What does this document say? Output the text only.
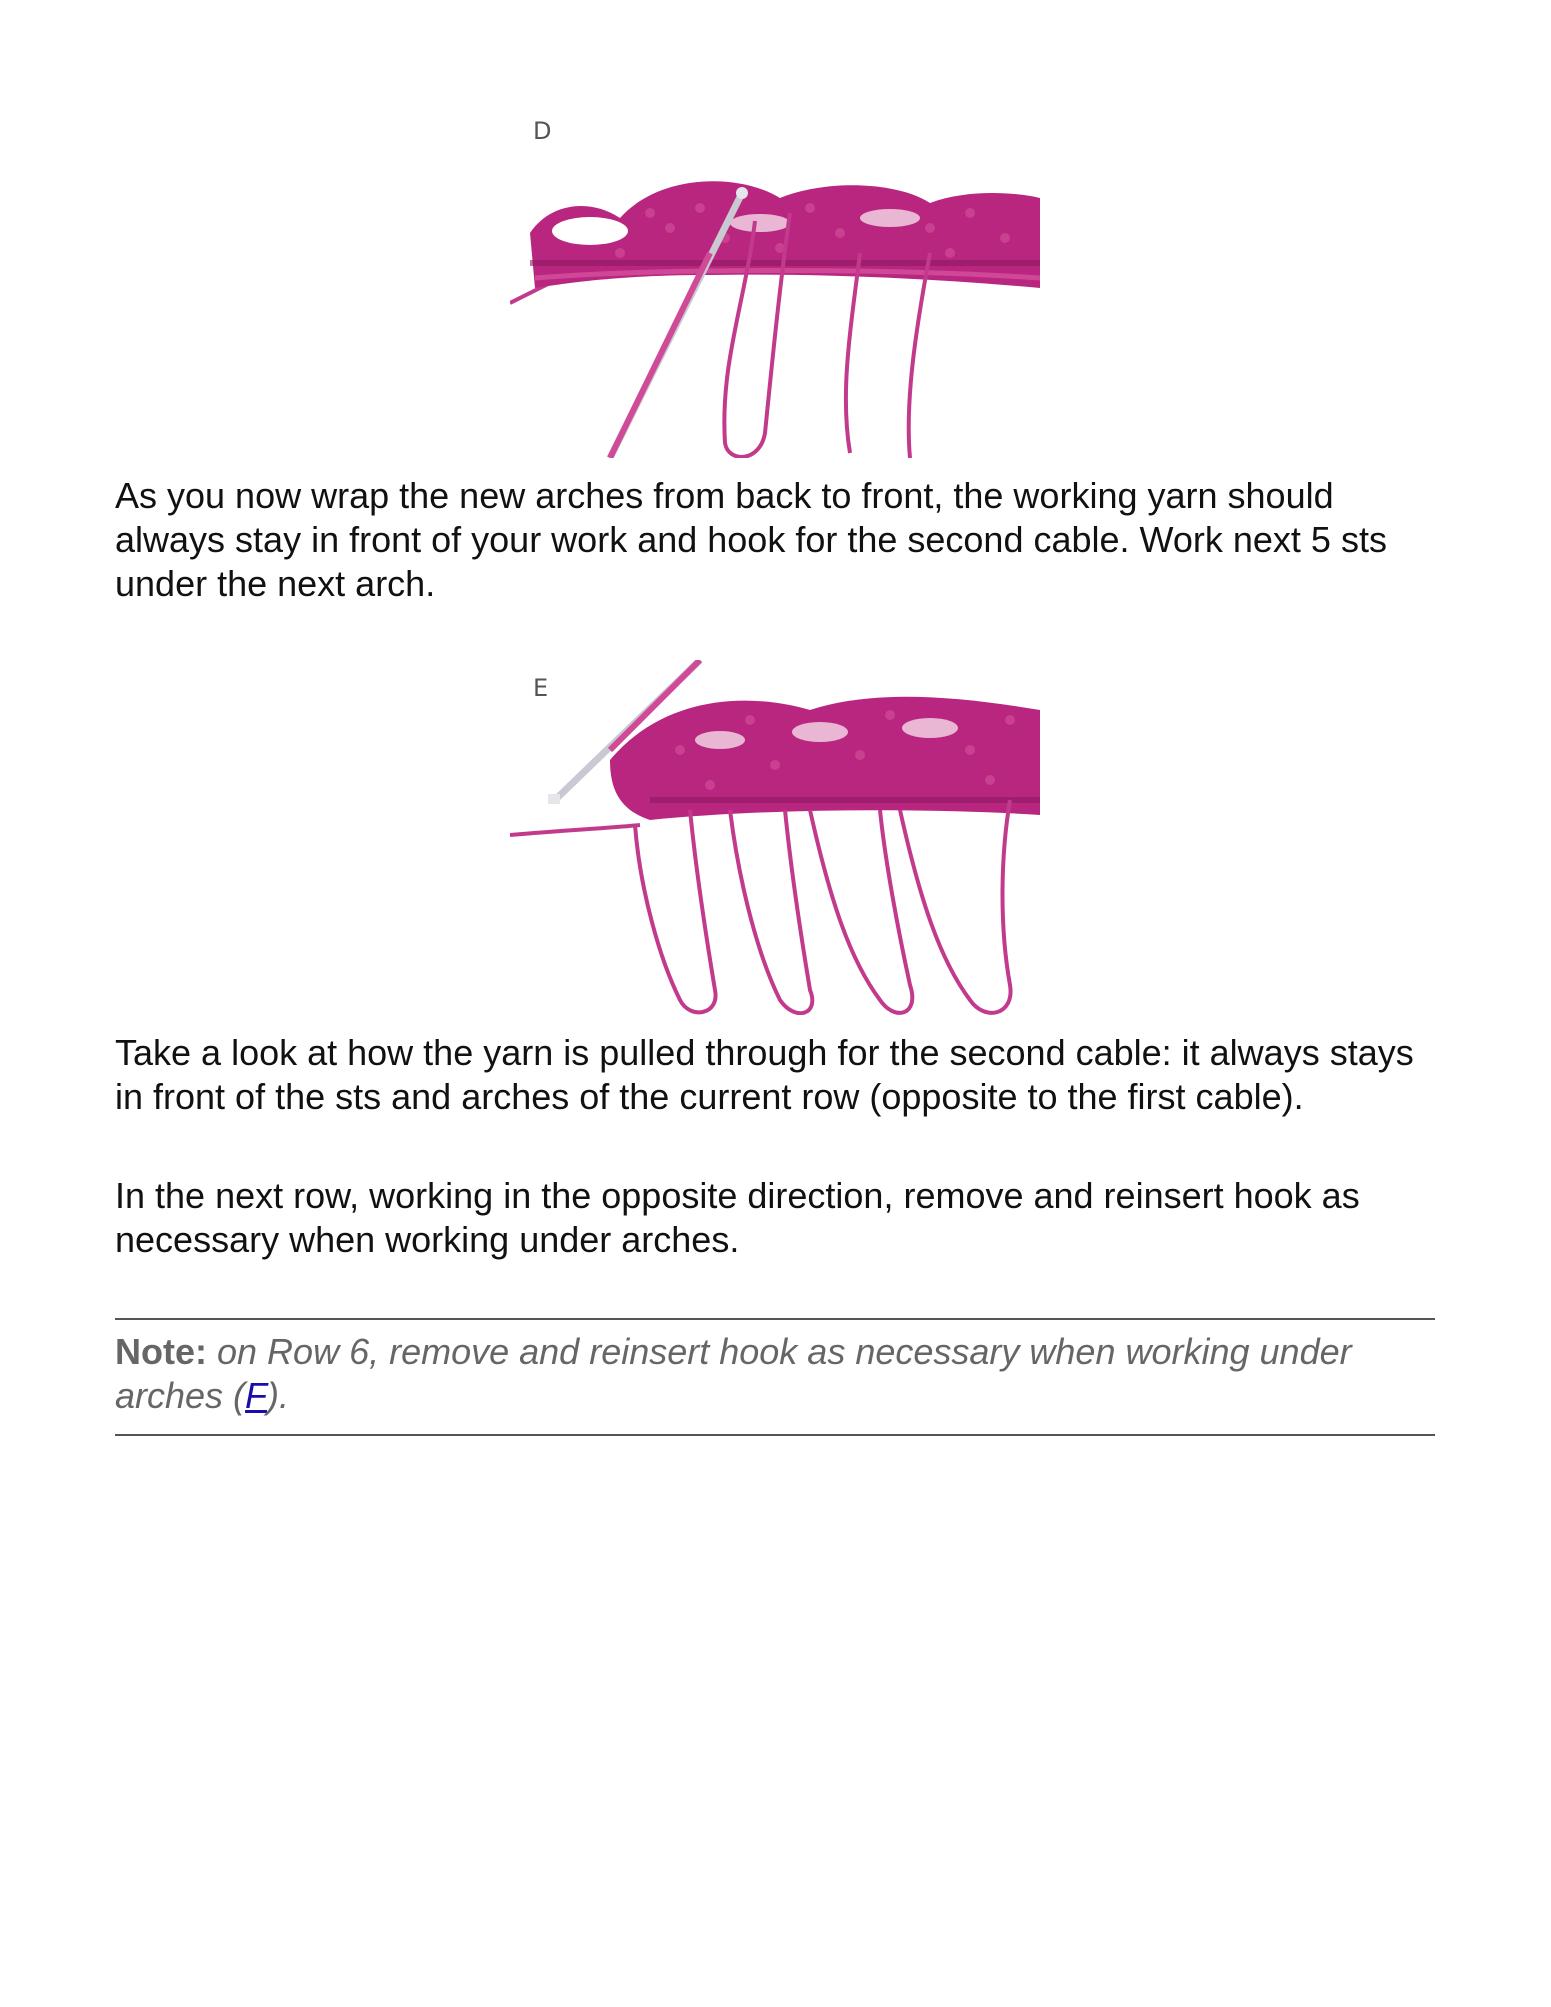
D

As you now wrap the new arches from back to front, the working yarn should always stay in front of your work and hook for the second cable. Work next 5 sts under the next arch.

E

Take a look at how the yarn is pulled through for the second cable: it always stays in front of the sts and arches of the current row (opposite to the first cable).

In the next row, working in the opposite direction, remove and reinsert hook as necessary when working under arches.

Note: on Row 6, remove and reinsert hook as necessary when working under arches (F).
